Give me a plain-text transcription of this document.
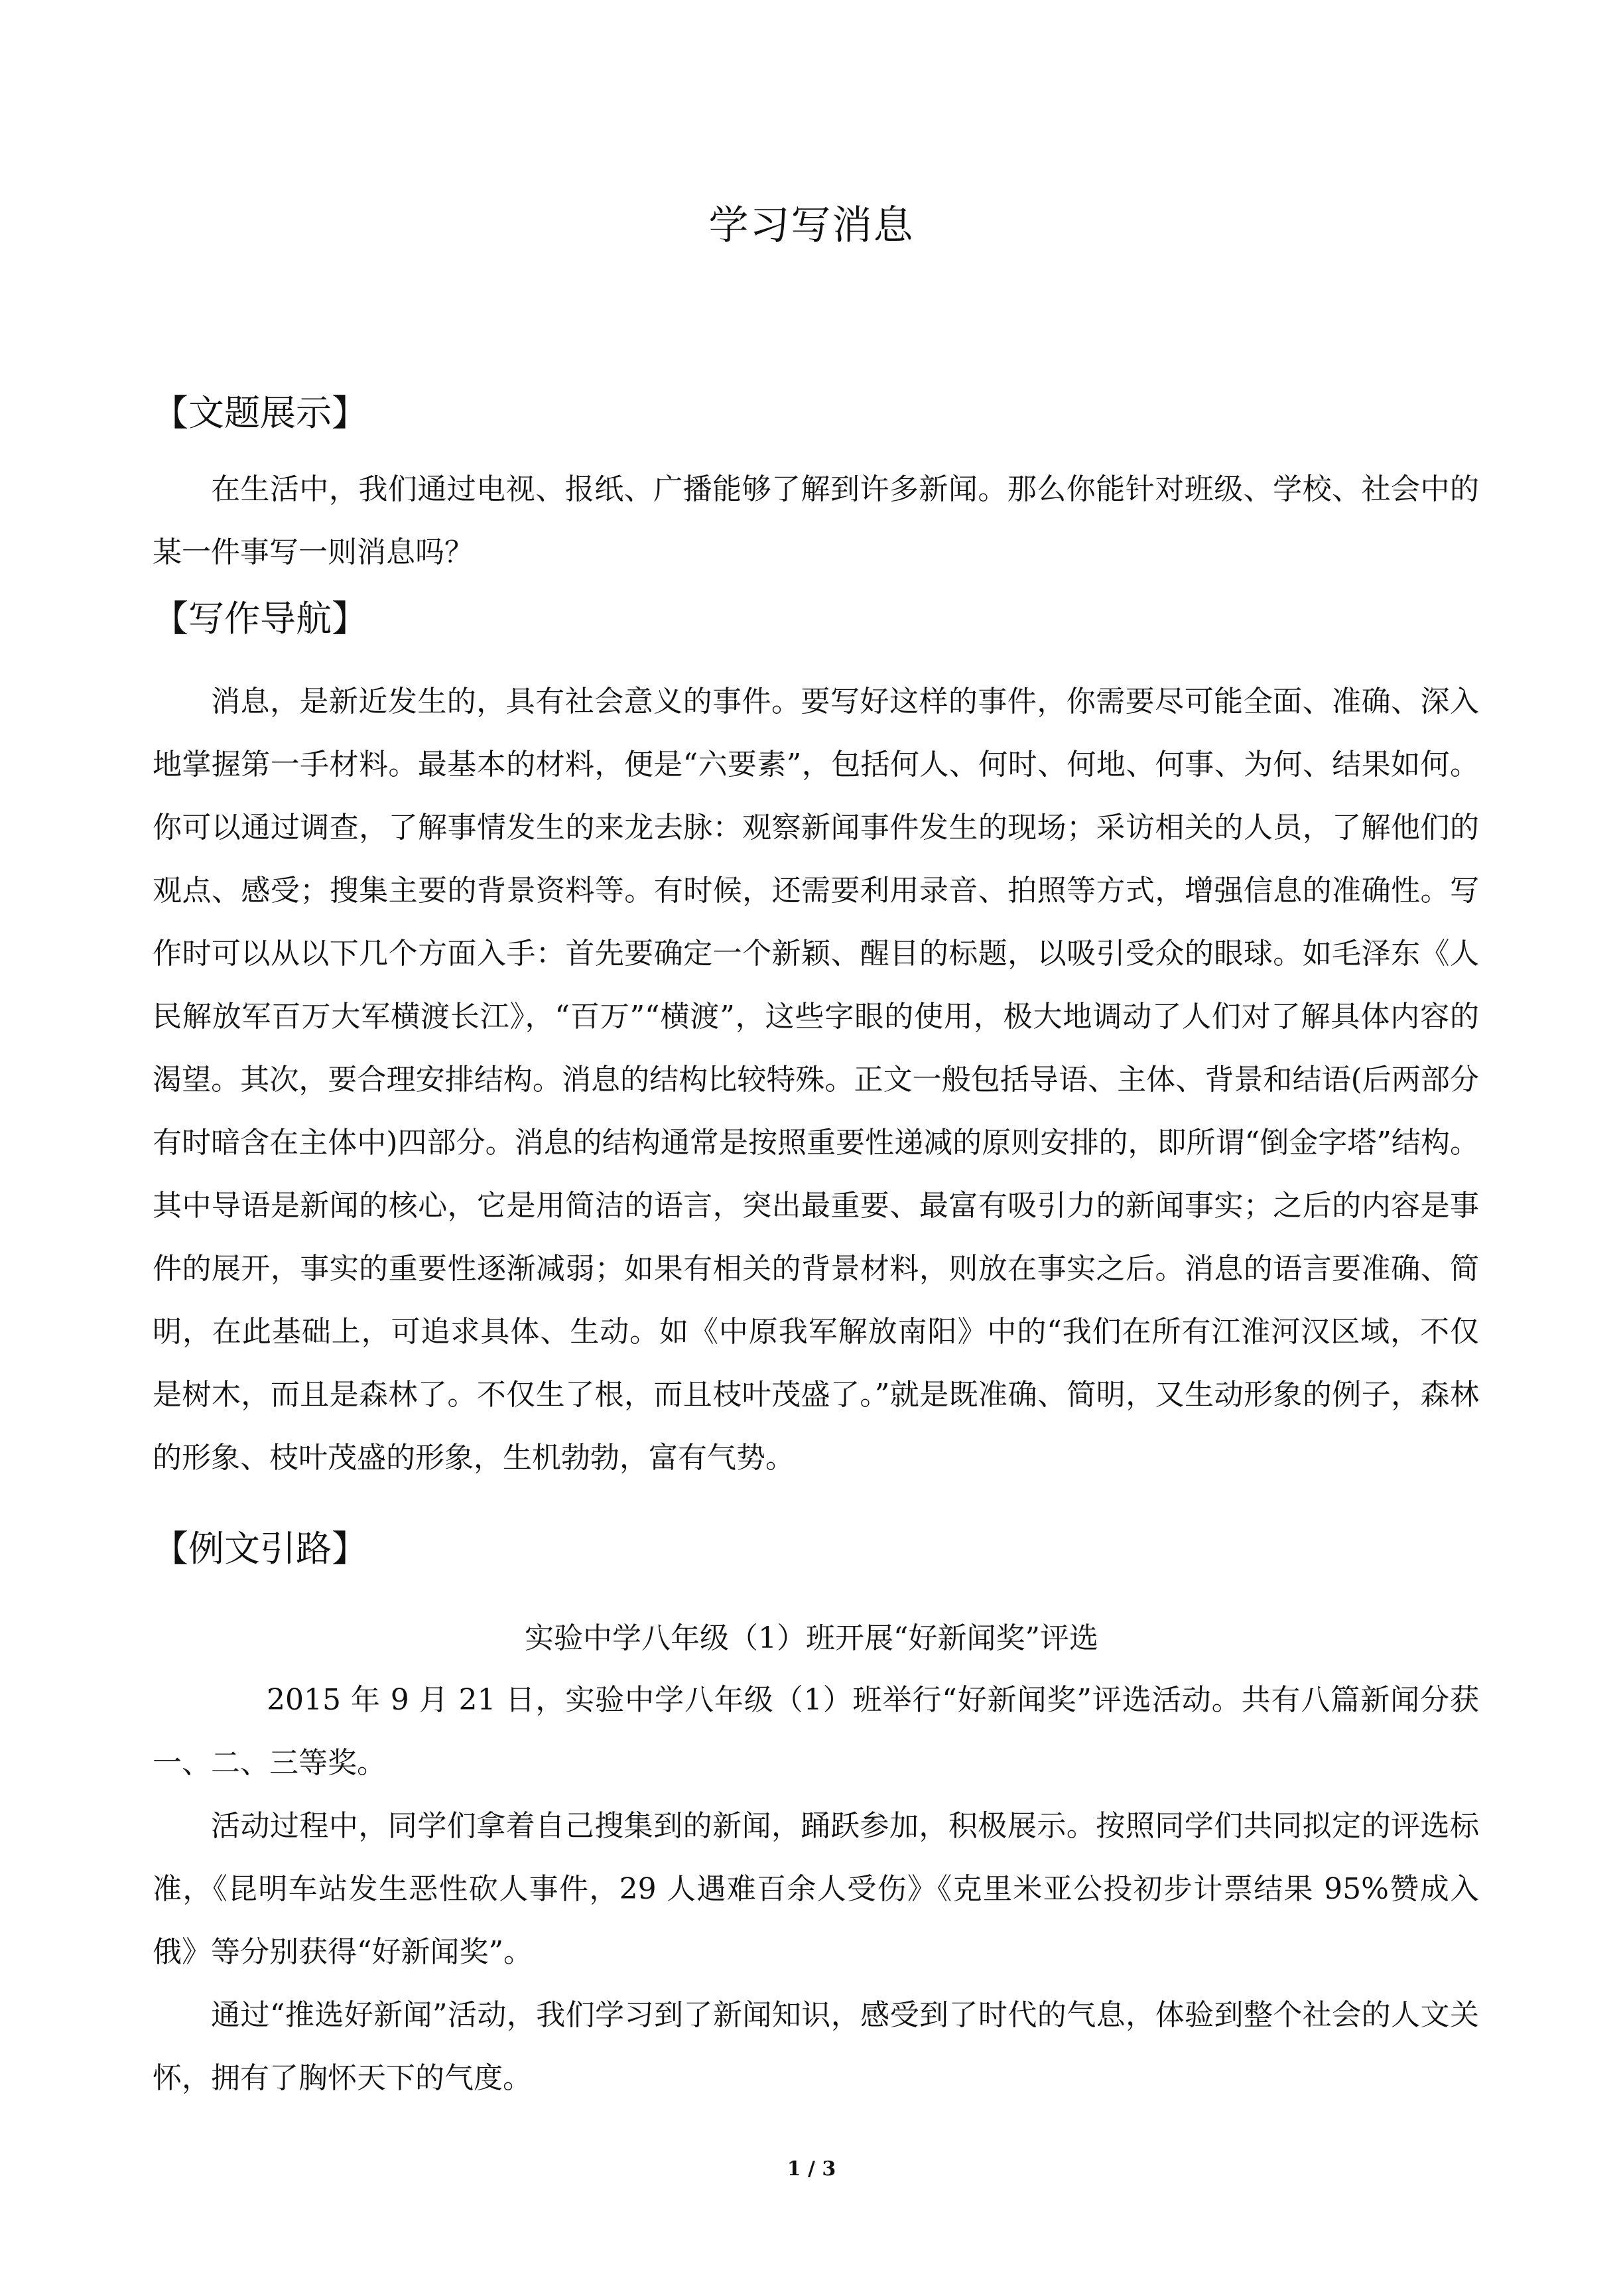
学习写消息
【文题展示】

在生活中，我们通过电视、报纸、广播能够了解到许多新闻。那么你能针对班级、学校、社会中的某一件事写一则消息吗？

【写作导航】

消息，是新近发生的，具有社会意义的事件。要写好这样的事件，你需要尽可能全面、准确、深入地掌握第一手材料。最基本的材料，便是“六要素”，包括何人、何时、何地、何事、为何、结果如何。你可以通过调查，了解事情发生的来龙去脉：观察新闻事件发生的现场；采访相关的人员，了解他们的观点、感受；搜集主要的背景资料等。有时候，还需要利用录音、拍照等方式，增强信息的准确性。写作时可以从以下几个方面入手：首先要确定一个新颖、醒目的标题，以吸引受众的眼球。如毛泽东《人民解放军百万大军横渡长江》，“百万”“横渡”，这些字眼的使用，极大地调动了人们对了解具体内容的渴望。其次，要合理安排结构。消息的结构比较特殊。正文一般包括导语、主体、背景和结语(后两部分有时暗含在主体中)四部分。消息的结构通常是按照重要性递减的原则安排的，即所谓“倒金字塔”结构。其中导语是新闻的核心，它是用简洁的语言，突出最重要、最富有吸引力的新闻事实；之后的内容是事件的展开，事实的重要性逐渐减弱；如果有相关的背景材料，则放在事实之后。消息的语言要准确、简明，在此基础上，可追求具体、生动。如《中原我军解放南阳》中的“我们在所有江淮河汉区域，不仅是树木，而且是森林了。不仅生了根，而且枝叶茂盛了。”就是既准确、简明，又生动形象的例子，森林的形象、枝叶茂盛的形象，生机勃勃，富有气势。

【例文引路】

实验中学八年级（1）班开展“好新闻奖”评选

2015 年 9 月 21 日，实验中学八年级（1）班举行“好新闻奖”评选活动。共有八篇新闻分获一、二、三等奖。

活动过程中，同学们拿着自己搜集到的新闻，踊跃参加，积极展示。按照同学们共同拟定的评选标准，《昆明车站发生恶性砍人事件，29 人遇难百余人受伤》《克里米亚公投初步计票结果 95%赞成入俄》等分别获得“好新闻奖”。

通过“推选好新闻”活动，我们学习到了新闻知识，感受到了时代的气息，体验到整个社会的人文关怀，拥有了胸怀天下的气度。

1 / 3
